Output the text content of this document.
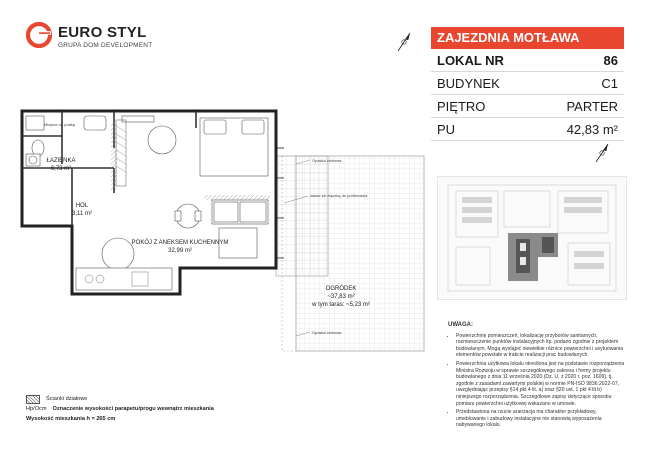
EURO STYL
GRUPA DOM DEVELOPMENT
ZAJEZDNIA MOTŁAWA
LOKAL NR	86
BUDYNEK	C1
PIĘTRO	PARTER
PU	42,83 m²
ŁAZIENKA
6,73 m²
HOL
3,11 m²
POKÓJ Z ANEKSEM KUCHENNYM
32,99 m²
OGRÓDEK
~37,83 m²
w tym taras: ~5,23 m²
Miejsce na pralkę
zawór ze złączką do podlewania
Opaska żwirowa
Opaska żwirowa
UWAGA:
• Powierzchnię pomieszczeń, lokalizację przyborów sanitarnych, rozmieszczenie punktów instalacyjnych itp. podano zgodnie z projektem budowlanym. Mogą wystąpić niewielkie różnice powierzchni i usytuowania elementów powstałe w trakcie realizacji prac budowlanych.
• Powierzchnia użytkowa lokalu określona jest na podstawie rozporządzenia Ministra Rozwoju w sprawie szczegółowego zakresu i formy projektu budowlanego z dnia 11 września 2020 (Dz. U. z 2020 r. poz. 1609), tj. zgodnie z zasadami zawartymi polskiej w normie PN-ISO 9836:2022-07, uwzględniając przepisy §14 pkt 4 lit. a) oraz §20 ust. 1 pkt 4 lit b) niniejszego rozporządzenia. Szczegółowe zapisy dotyczące sposobu pomiaru powierzchni użytkowej wskazano w umowie.
• Przedstawiona na rzucie aranżacja ma charakter przykładowy, umeblowanie i zabudowy instalacyjne nie stanowią wyposażenia nabywanego lokalu.
Ścianki działowe
Hp/Ocm Oznaczenie wysokości parapetu/progu wewnątrz mieszkania
Wysokość mieszkania h = 265 cm
